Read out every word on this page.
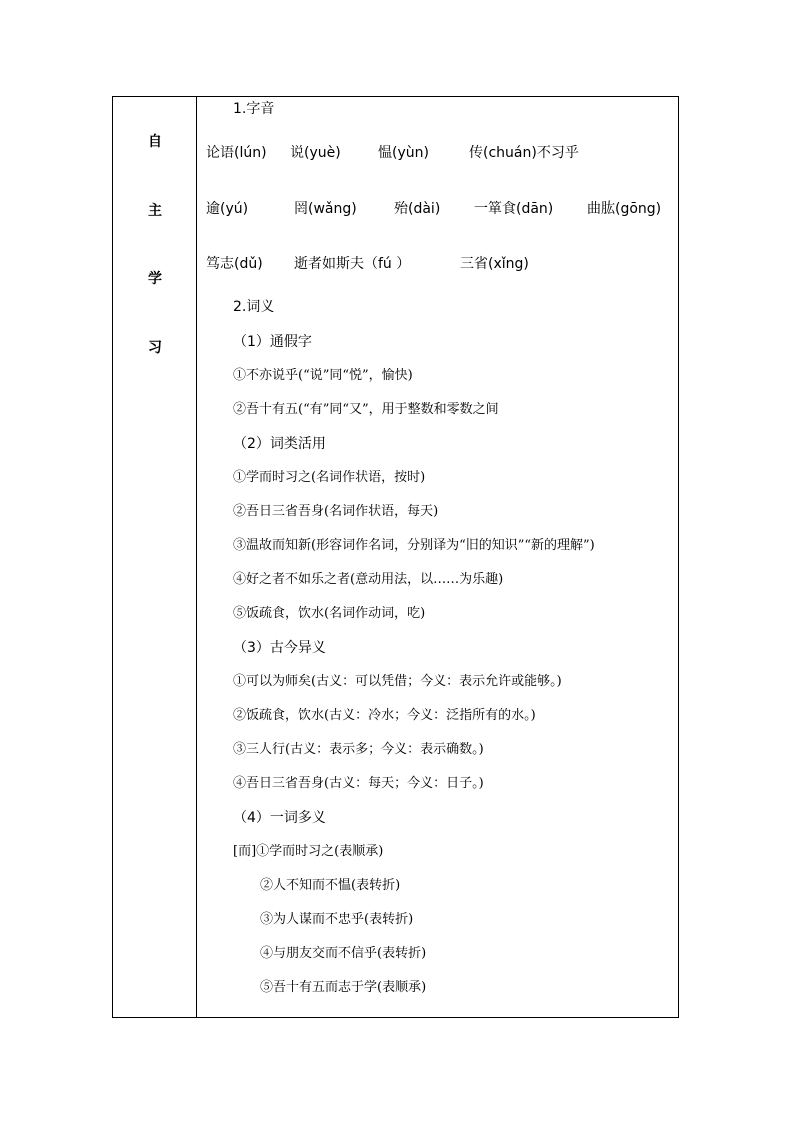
自
主
学
习
1.字音
论语(lún) 说(yuè)	愠(yùn)	传(chuán)不习乎
逾(yú)	罔(wǎng)	殆(dài) 一箪食(dān) 曲肱(gōng)
笃志(dǔ) 逝者如斯夫（fú ）	三省(xǐng)
2.词义
（1）通假字
①不亦说乎(“说”同“悦”，愉快)
②吾十有五(“有”同“又”，用于整数和零数之间
（2）词类活用
①学而时习之(名词作状语，按时)
②吾日三省吾身(名词作状语，每天)
③温故而知新(形容词作名词，分别译为“旧的知识”“新的理解”)
④好之者不如乐之者(意动用法，以……为乐趣)
⑤饭疏食，饮水(名词作动词，吃)
（3）古今异义
①可以为师矣(古义：可以凭借；今义：表示允许或能够。)
②饭疏食，饮水(古义：冷水；今义：泛指所有的水。)
③三人行(古义：表示多；今义：表示确数。)
④吾日三省吾身(古义：每天；今义：日子。)
（4）一词多义
[而]①学而时习之(表顺承)
②人不知而不愠(表转折)
③为人谋而不忠乎(表转折)
④与朋友交而不信乎(表转折)
⑤吾十有五而志于学(表顺承)
